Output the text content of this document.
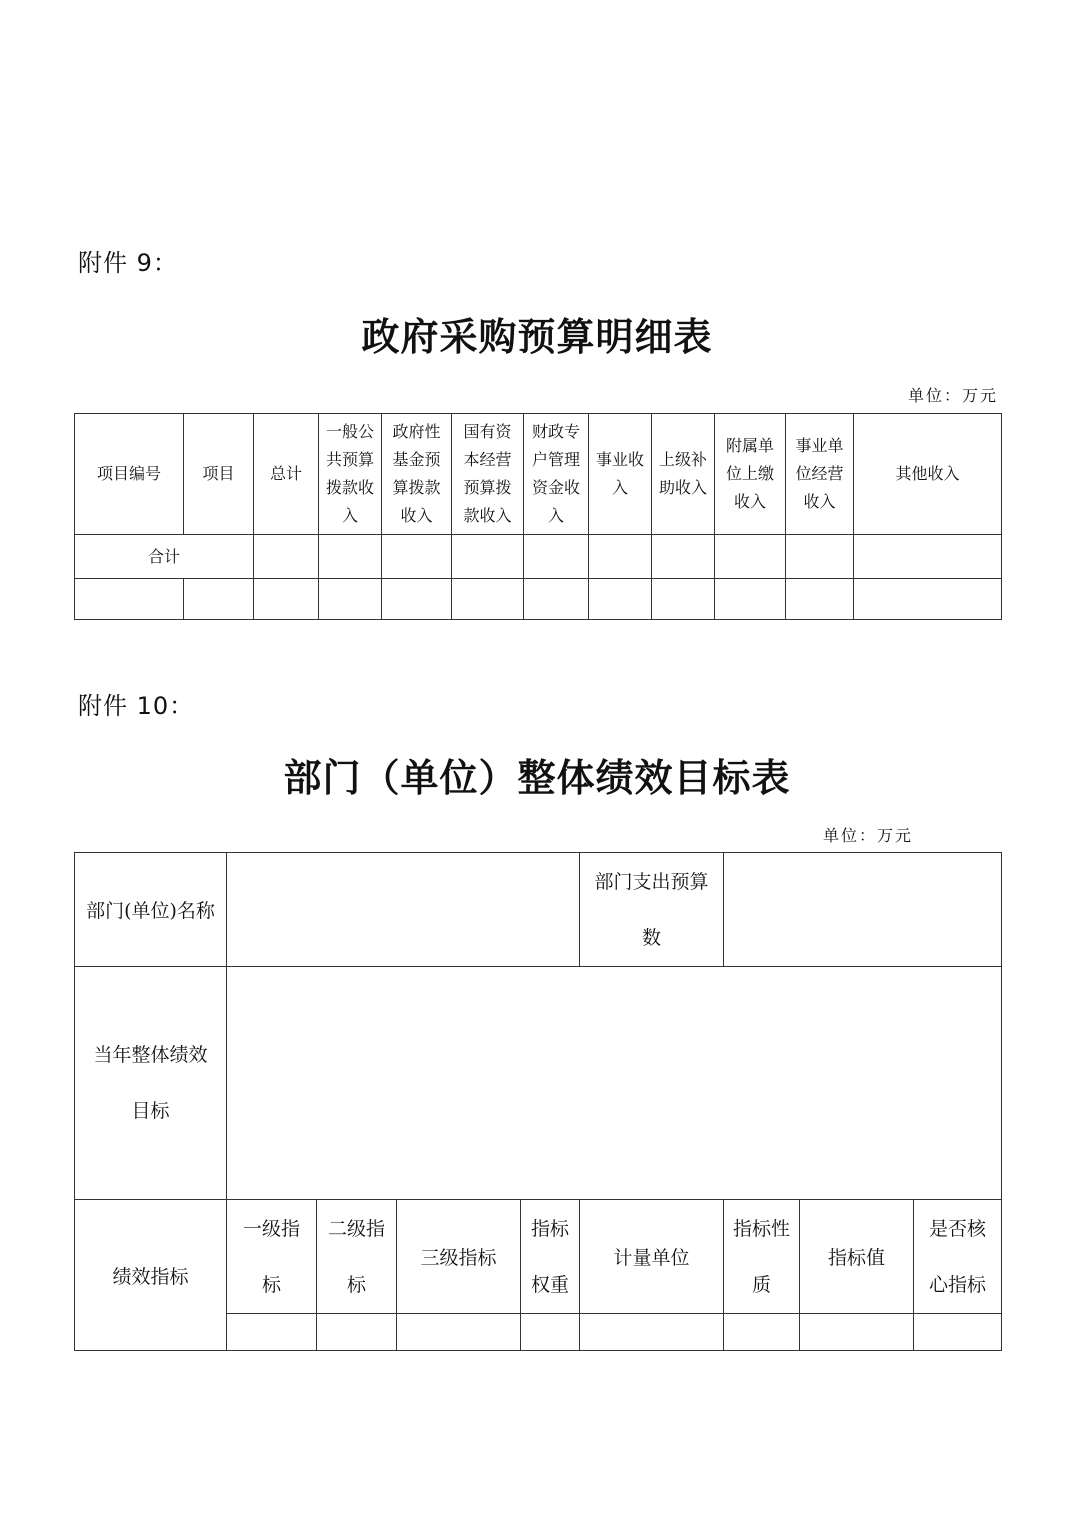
附件 9：
政府采购预算明细表
单位：万元
项目编号	项目	总计	一般公共预算拨款收入	政府性基金预算拨款收入	国有资本经营预算拨款收入	财政专户管理资金收入	事业收入	上级补助收入	附属单位上缴收入	事业单位经营收入	其他收入
合计											

附件 10：
部门（单位）整体绩效目标表
单位：万元
部门(单位)名称					部门支出预算数			

当年整体绩效目标								

绩效指标	一级指标	二级指标	三级指标	指标权重	计量单位	指标性质	指标值	是否核心指标
